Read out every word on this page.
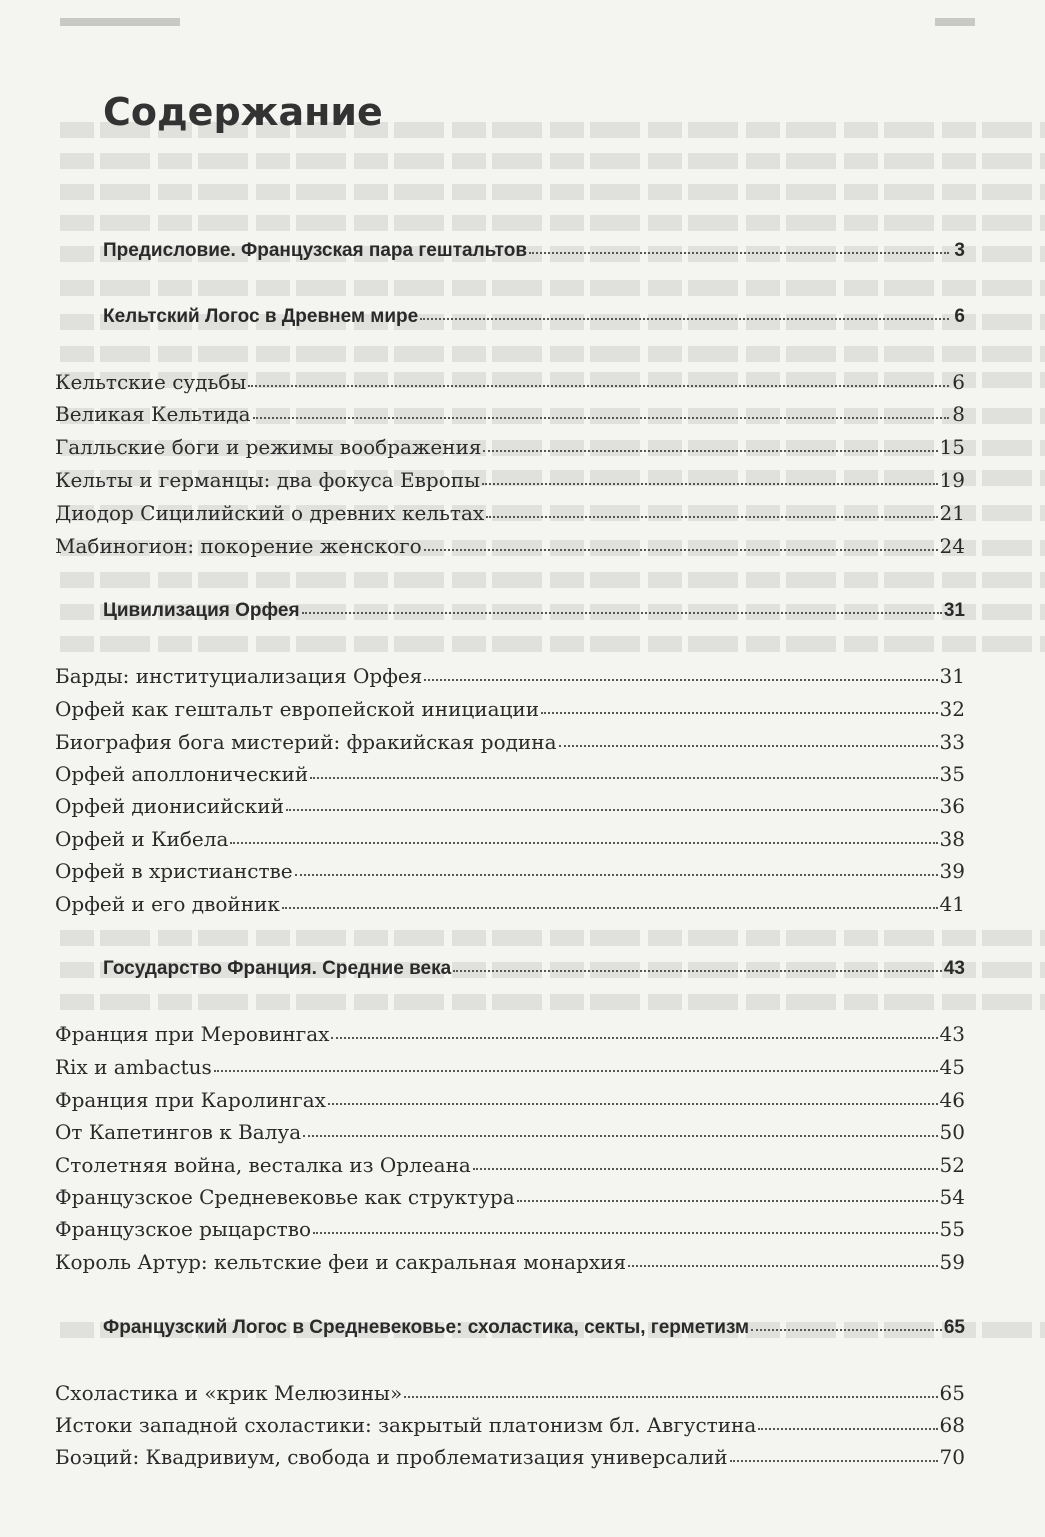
Содержание
Предисловие. Французская пара гештальтов	3
Кельтский Логос в Древнем мире	6
Кельтские судьбы	6
Великая Кельтида	8
Галльские боги и режимы воображения	15
Кельты и германцы: два фокуса Европы	19
Диодор Сицилийский о древних кельтах	21
Мабиногион: покорение женского	24
Цивилизация Орфея	31
Барды: институциализация Орфея	31
Орфей как гештальт европейской инициации	32
Биография бога мистерий: фракийская родина	33
Орфей аполлонический	35
Орфей дионисийский	36
Орфей и Кибела	38
Орфей в христианстве	39
Орфей и его двойник	41
Государство Франция. Средние века	43
Франция при Меровингах	43
Rix и ambactus	45
Франция при Каролингах	46
От Капетингов к Валуа	50
Столетняя война, весталка из Орлеана	52
Французское Средневековье как структура	54
Французское рыцарство	55
Король Артур: кельтские феи и сакральная монархия	59
Французский Логос в Средневековье: схоластика, секты, герметизм	65
Схоластика и «крик Мелюзины»	65
Истоки западной схоластики: закрытый платонизм бл. Августина	68
Боэций: Квадривиум, свобода и проблематизация универсалий	70
